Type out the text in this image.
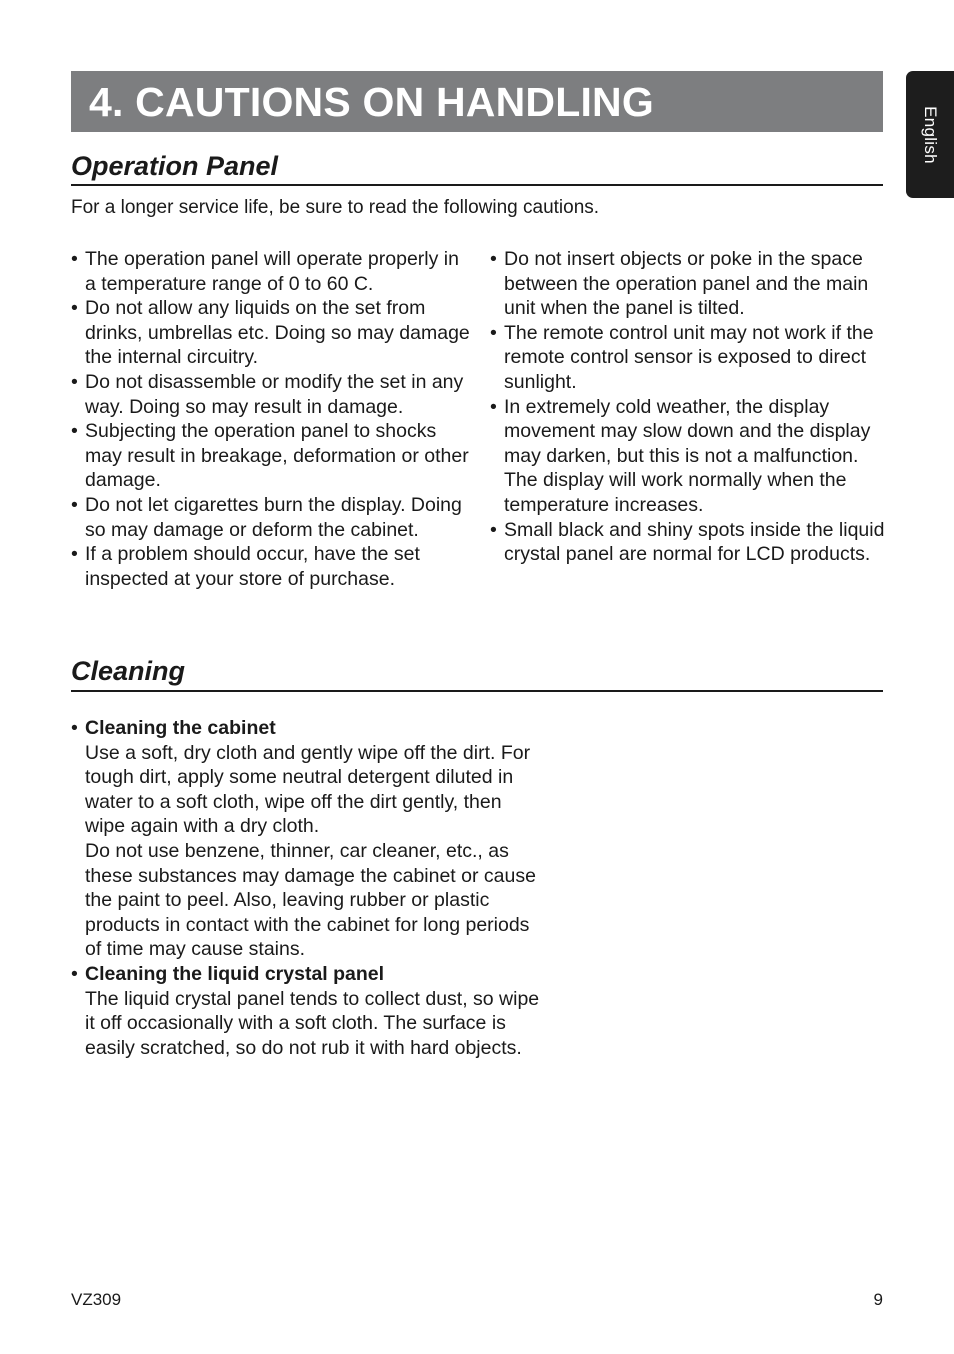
4. CAUTIONS ON HANDLING
English
Operation Panel

For a longer service life, be sure to read the following cautions.

• The operation panel will operate properly in a temperature range of 0 to 60 C.
• Do not allow any liquids on the set from drinks, umbrellas etc. Doing so may damage the internal circuitry.
• Do not disassemble or modify the set in any way. Doing so may result in damage.
• Subjecting the operation panel to shocks may result in breakage, deformation or other damage.
• Do not let cigarettes burn the display. Doing so may damage or deform the cabinet.
• If a problem should occur, have the set inspected at your store of purchase.
• Do not insert objects or poke in the space between the operation panel and the main unit when the panel is tilted.
• The remote control unit may not work if the remote control sensor is exposed to direct sunlight.
• In extremely cold weather, the display movement may slow down and the display may darken, but this is not a malfunction. The display will work normally when the temperature increases.
• Small black and shiny spots inside the liquid crystal panel are normal for LCD products.
Cleaning
• Cleaning the cabinet
Use a soft, dry cloth and gently wipe off the dirt. For tough dirt, apply some neutral detergent diluted in water to a soft cloth, wipe off the dirt gently, then wipe again with a dry cloth.
Do not use benzene, thinner, car cleaner, etc., as these substances may damage the cabinet or cause the paint to peel. Also, leaving rubber or plastic products in contact with the cabinet for long periods of time may cause stains.
• Cleaning the liquid crystal panel
The liquid crystal panel tends to collect dust, so wipe it off occasionally with a soft cloth. The surface is easily scratched, so do not rub it with hard objects.
VZ309	9
